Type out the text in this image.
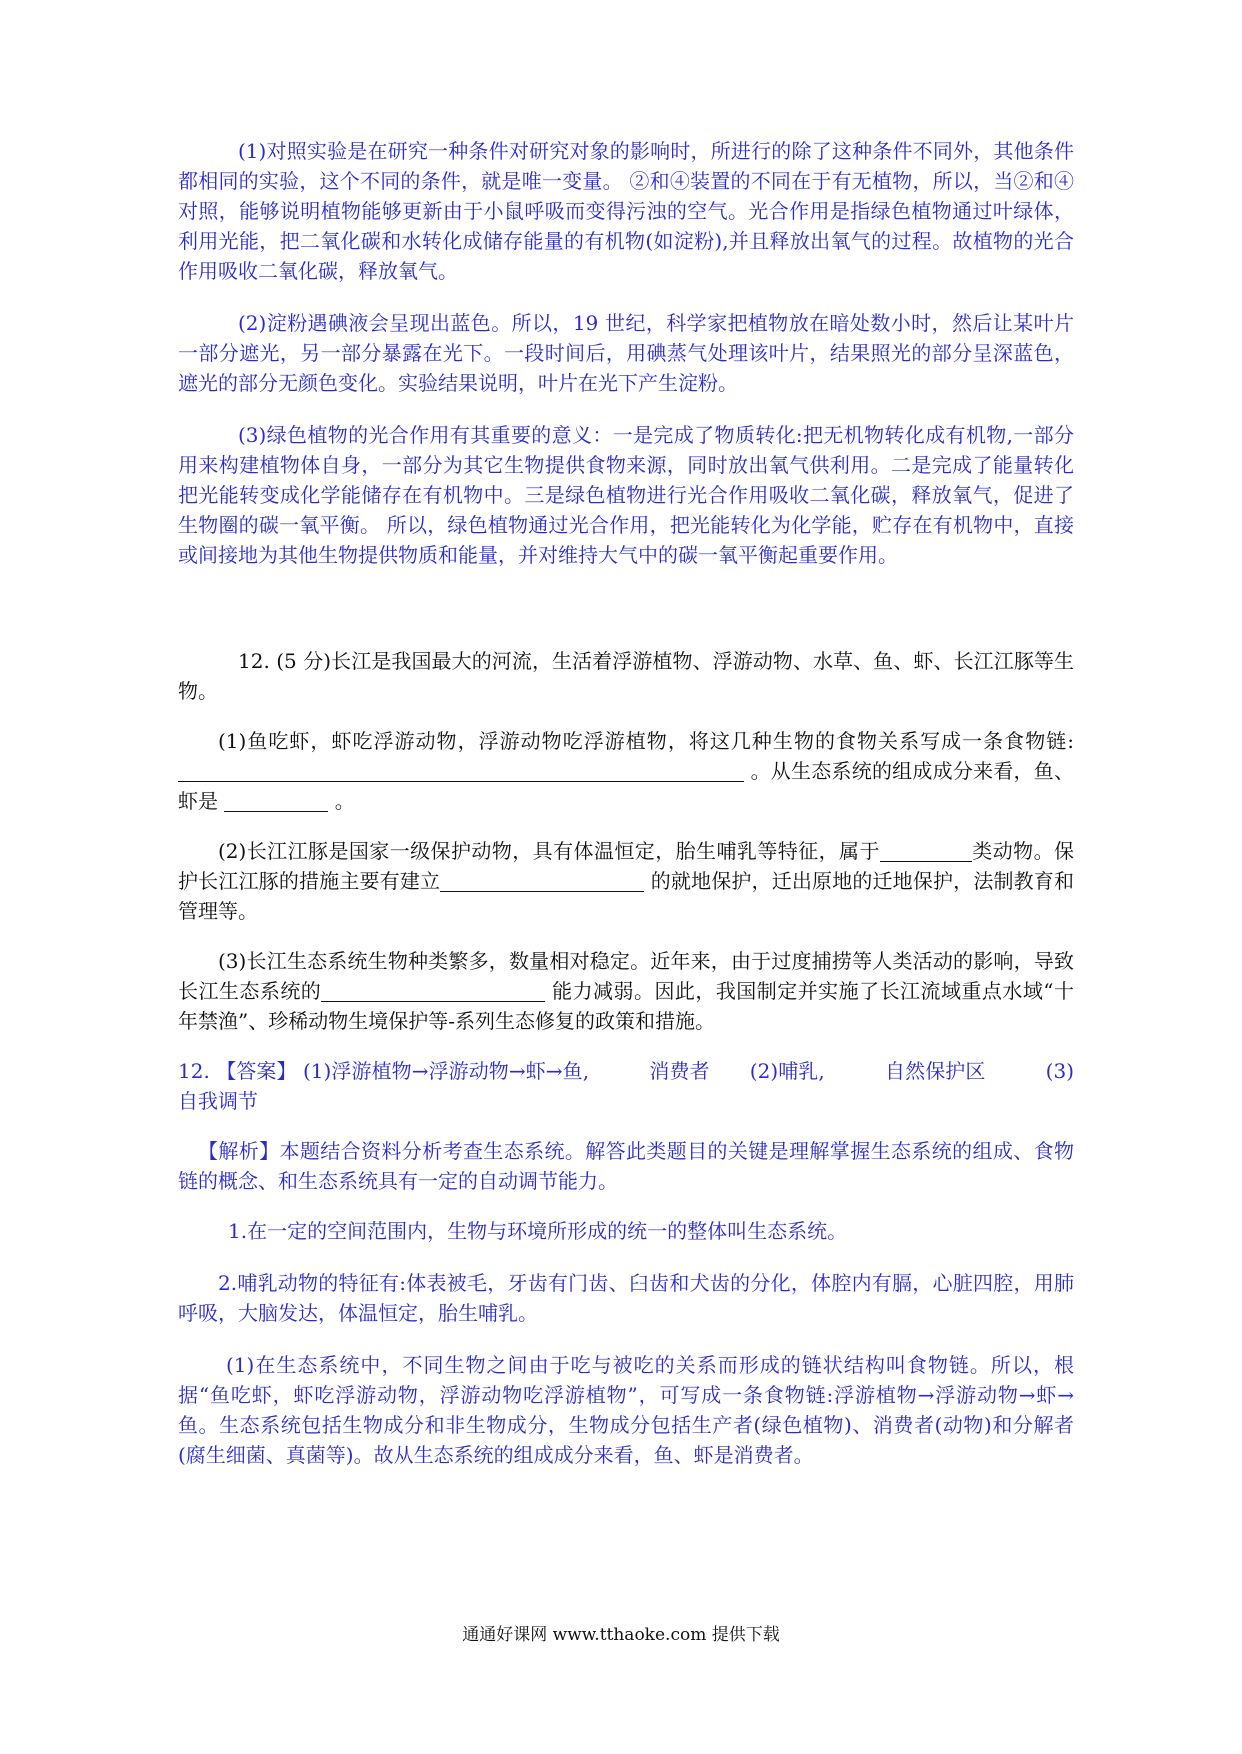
(1)对照实验是在研究一种条件对研究对象的影响时，所进行的除了这种条件不同外，其他条件都相同的实验，这个不同的条件，就是唯一变量。 ②和④装置的不同在于有无植物，所以，当②和④对照，能够说明植物能够更新由于小鼠呼吸而变得污浊的空气。光合作用是指绿色植物通过叶绿体，利用光能，把二氧化碳和水转化成储存能量的有机物(如淀粉),并且释放出氧气的过程。故植物的光合作用吸收二氧化碳，释放氧气。

(2)淀粉遇碘液会呈现出蓝色。所以，19 世纪，科学家把植物放在暗处数小时，然后让某叶片一部分遮光，另一部分暴露在光下。一段时间后，用碘蒸气处理该叶片，结果照光的部分呈深蓝色，遮光的部分无颜色变化。实验结果说明，叶片在光下产生淀粉。

(3)绿色植物的光合作用有其重要的意义：一是完成了物质转化:把无机物转化成有机物,一部分用来构建植物体自身，一部分为其它生物提供食物来源，同时放出氧气供利用。二是完成了能量转化把光能转变成化学能储存在有机物中。三是绿色植物进行光合作用吸收二氧化碳，释放氧气，促进了生物圈的碳一氧平衡。 所以，绿色植物通过光合作用，把光能转化为化学能，贮存在有机物中，直接或间接地为其他生物提供物质和能量，并对维持大气中的碳一氧平衡起重要作用。

12. (5 分)长江是我国最大的河流，生活着浮游植物、浮游动物、水草、鱼、虾、长江江豚等生物。

(1)鱼吃虾，虾吃浮游动物，浮游动物吃浮游植物，将这几种生物的食物关系写成一条食物链: 。从生态系统的组成成分来看，鱼、虾是	。

(2)长江江豚是国家一级保护动物，具有体温恒定，胎生哺乳等特征，属于	类动物。保护长江江豚的措施主要有建立	的就地保护，迁出原地的迁地保护，法制教育和管理等。

(3)长江生态系统生物种类繁多，数量相对稳定。近年来，由于过度捕捞等人类活动的影响，导致长江生态系统的	能力减弱。因此，我国制定并实施了长江流域重点水域“十年禁渔”、珍稀动物生境保护等-系列生态修复的政策和措施。

12. 【答案】 (1)浮游植物→浮游动物→虾→鱼,　　　消费者　　(2)哺乳,　　　自然保护区　　　(3) 自我调节

【解析】本题结合资料分析考查生态系统。解答此类题目的关键是理解掌握生态系统的组成、食物链的概念、和生态系统具有一定的自动调节能力。

1.在一定的空间范围内，生物与环境所形成的统一的整体叫生态系统。

2.哺乳动物的特征有:体表被毛，牙齿有门齿、臼齿和犬齿的分化，体腔内有膈，心脏四腔，用肺呼吸，大脑发达，体温恒定，胎生哺乳。

(1)在生态系统中，不同生物之间由于吃与被吃的关系而形成的链状结构叫食物链。所以，根据“鱼吃虾，虾吃浮游动物，浮游动物吃浮游植物”，可写成一条食物链:浮游植物→浮游动物→虾→鱼。生态系统包括生物成分和非生物成分，生物成分包括生产者(绿色植物)、消费者(动物)和分解者(腐生细菌、真菌等)。故从生态系统的组成成分来看，鱼、虾是消费者。

通通好课网 www.tthaoke.com 提供下载
